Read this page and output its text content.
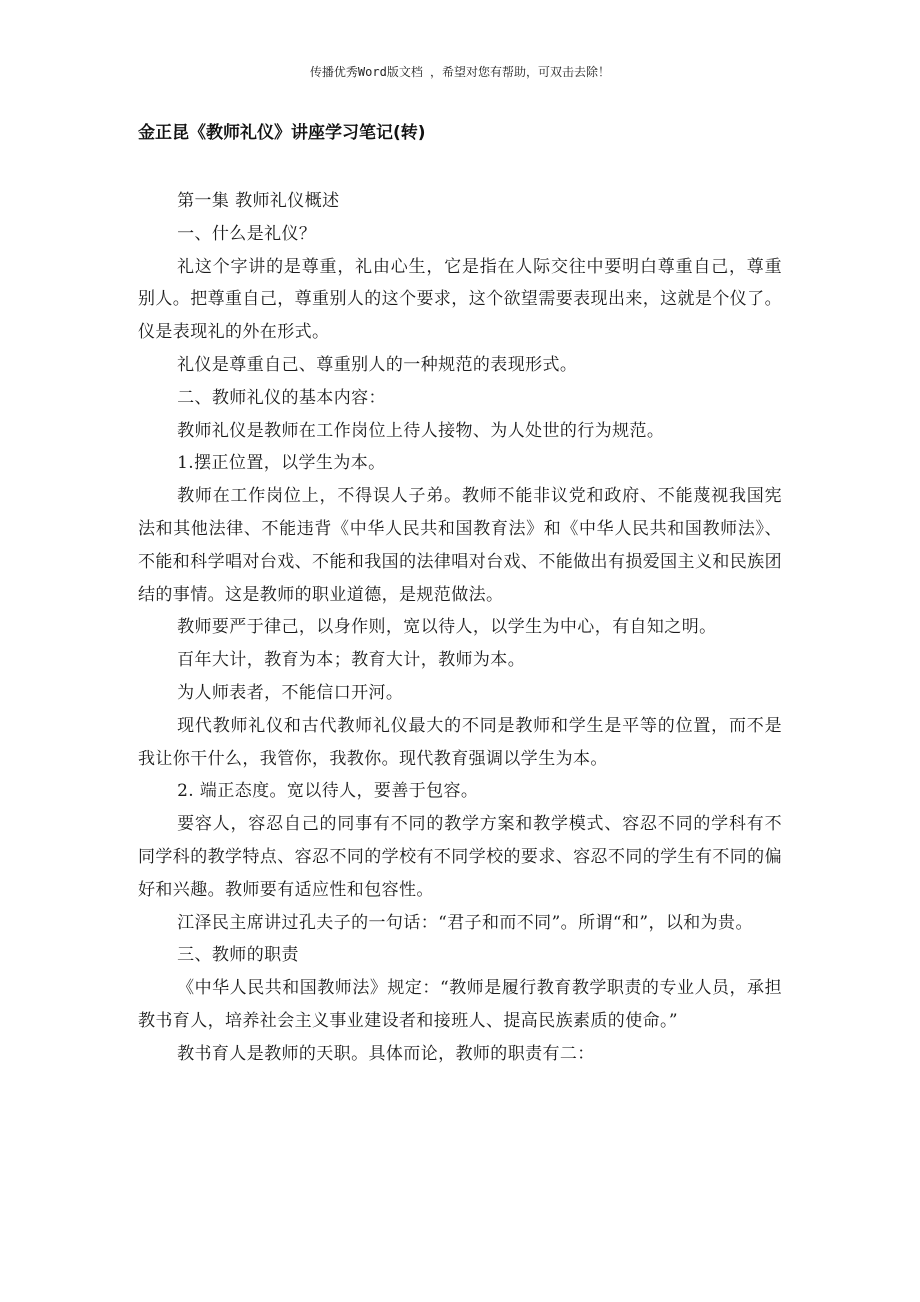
传播优秀Word版文档 ，希望对您有帮助，可双击去除！
金正昆《教师礼仪》讲座学习笔记(转)

第一集 教师礼仪概述

一、什么是礼仪？

礼这个字讲的是尊重，礼由心生，它是指在人际交往中要明白尊重自己，尊重别人。把尊重自己，尊重别人的这个要求，这个欲望需要表现出来，这就是个仪了。仪是表现礼的外在形式。

礼仪是尊重自己、尊重别人的一种规范的表现形式。

二、教师礼仪的基本内容：

教师礼仪是教师在工作岗位上待人接物、为人处世的行为规范。

1.摆正位置，以学生为本。

教师在工作岗位上，不得误人子弟。教师不能非议党和政府、不能蔑视我国宪法和其他法律、不能违背《中华人民共和国教育法》和《中华人民共和国教师法》、不能和科学唱对台戏、不能和我国的法律唱对台戏、不能做出有损爱国主义和民族团结的事情。这是教师的职业道德，是规范做法。

教师要严于律己，以身作则，宽以待人，以学生为中心，有自知之明。

百年大计，教育为本；教育大计，教师为本。

为人师表者，不能信口开河。

现代教师礼仪和古代教师礼仪最大的不同是教师和学生是平等的位置，而不是我让你干什么，我管你，我教你。现代教育强调以学生为本。

2. 端正态度。宽以待人，要善于包容。

要容人，容忍自己的同事有不同的教学方案和教学模式、容忍不同的学科有不同学科的教学特点、容忍不同的学校有不同学校的要求、容忍不同的学生有不同的偏好和兴趣。教师要有适应性和包容性。

江泽民主席讲过孔夫子的一句话：“君子和而不同”。所谓“和”，以和为贵。

三、教师的职责

《中华人民共和国教师法》规定：“教师是履行教育教学职责的专业人员，承担教书育人，培养社会主义事业建设者和接班人、提高民族素质的使命。”

教书育人是教师的天职。具体而论，教师的职责有二：
